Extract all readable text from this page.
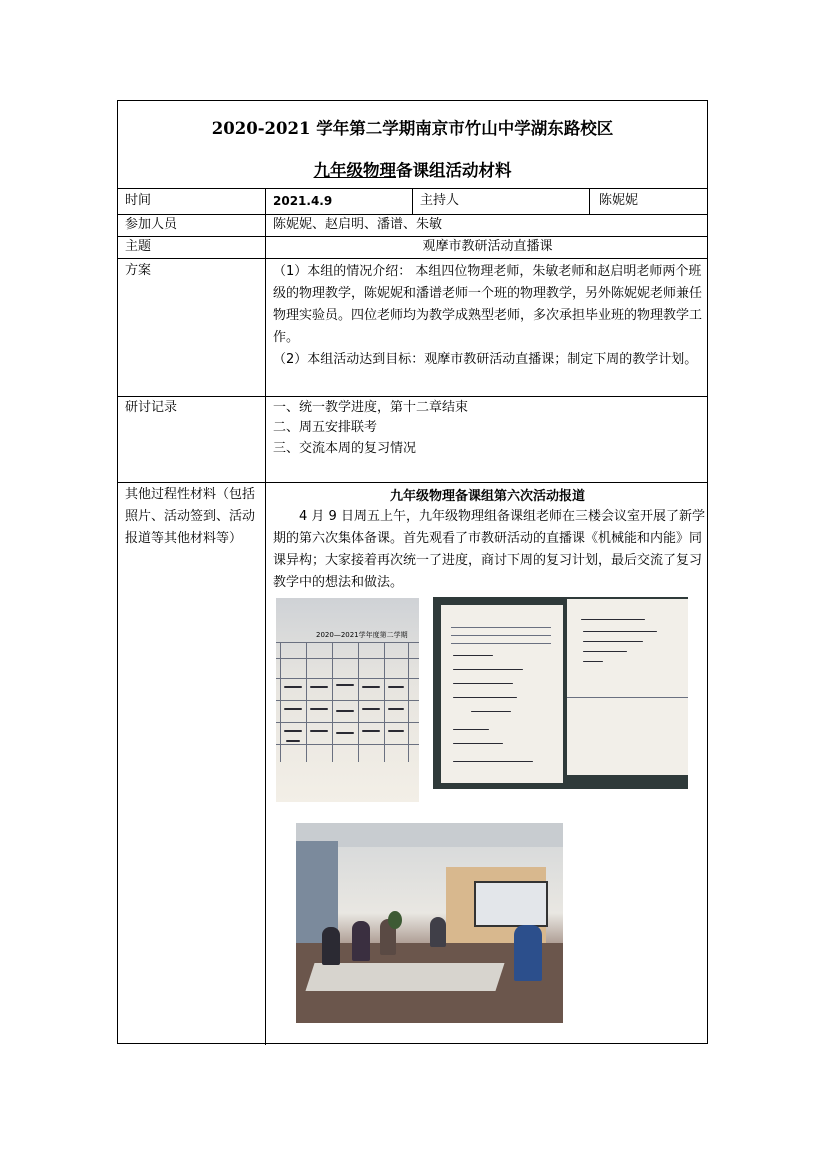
2020-2021 学年第二学期南京市竹山中学湖东路校区
九年级物理备课组活动材料
时间	2021.4.9	主持人	陈妮妮
参加人员	陈妮妮、赵启明、潘谱、朱敏
主题	观摩市教研活动直播课
方案	（1）本组的情况介绍： 本组四位物理老师，朱敏老师和赵启明老师两个班级的物理教学，陈妮妮和潘谱老师一个班的物理教学，另外陈妮妮老师兼任物理实验员。四位老师均为教学成熟型老师，多次承担毕业班的物理教学工作。
（2）本组活动达到目标：观摩市教研活动直播课；制定下周的教学计划。
研讨记录	一、统一教学进度，第十二章结束
二、周五安排联考
三、交流本周的复习情况
其他过程性材料（包括照片、活动签到、活动报道等其他材料等）
九年级物理备课组第六次活动报道
4 月 9 日周五上午，九年级物理组备课组老师在三楼会议室开展了新学期的第六次集体备课。首先观看了市教研活动的直播课《机械能和内能》同课异构；大家接着再次统一了进度，商讨下周的复习计划，最后交流了复习教学中的想法和做法。
2020—2021学年度第二学期
